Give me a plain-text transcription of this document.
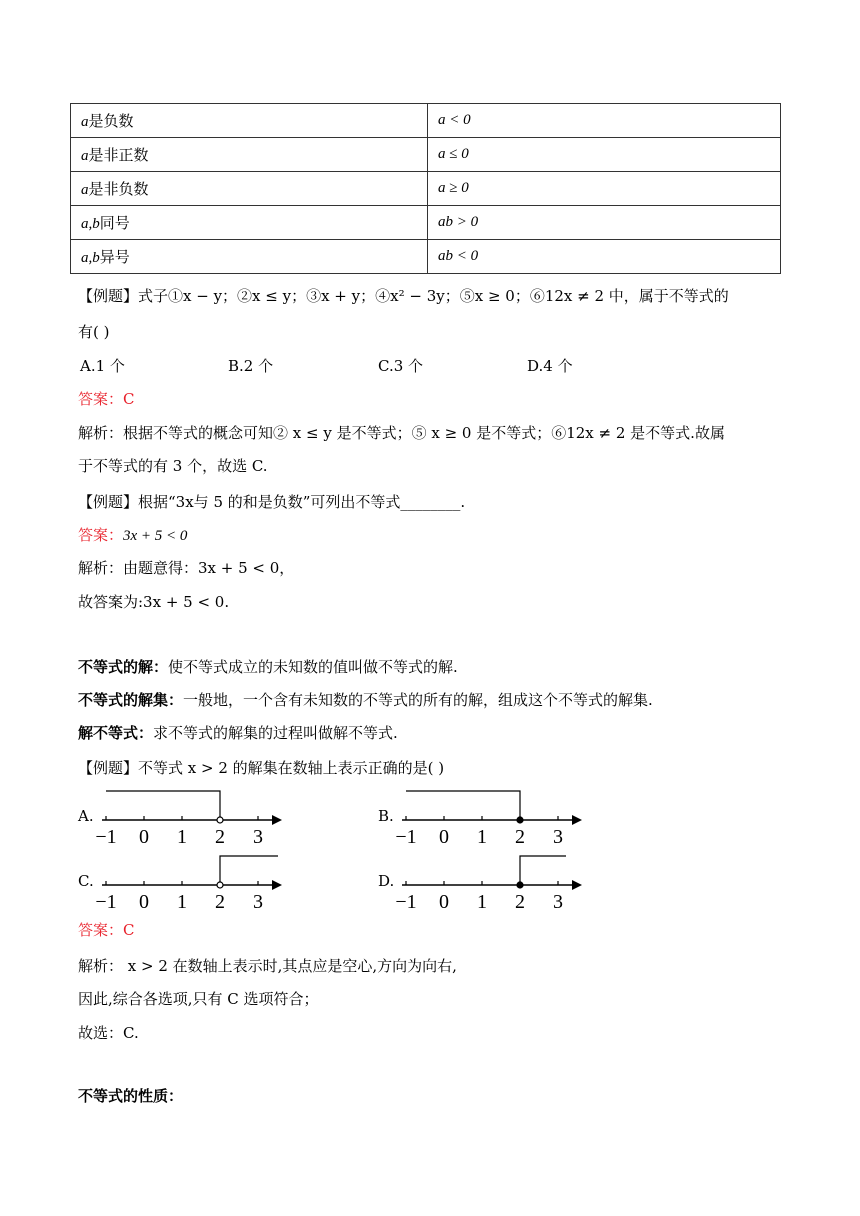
a是负数	a < 0
a是非正数	a ≤ 0
a是非负数	a ≥ 0
a,b同号	ab > 0
a,b异号	ab < 0
【例题】式子①x − y；②x ≤ y；③x + y；④x² − 3y；⑤x ≥ 0；⑥12x ≠ 2 中，属于不等式的
有( )
A.1 个	B.2 个	C.3 个	D.4 个
答案：C
解析：根据不等式的概念可知② x ≤ y 是不等式；⑤ x ≥ 0 是不等式；⑥12x ≠ 2 是不等式.故属
于不等式的有 3 个，故选 C.
【例题】根据“3x与 5 的和是负数”可列出不等式________.
答案：3x + 5 < 0
解析：由题意得：3x + 5 < 0，
故答案为:3x + 5 < 0.
不等式的解：使不等式成立的未知数的值叫做不等式的解.
不等式的解集：一般地，一个含有未知数的不等式的所有的解，组成这个不等式的解集.
解不等式：求不等式的解集的过程叫做解不等式.
【例题】不等式 x > 2 的解集在数轴上表示正确的是( )
A.
−1 0 1 2 3
B.
−1 0 1 2 3
C.
−1 0 1 2 3
D.
−1 0 1 2 3
答案：C
解析： x > 2 在数轴上表示时,其点应是空心,方向为向右,
因此,综合各选项,只有 C 选项符合；
故选：C.
不等式的性质：
